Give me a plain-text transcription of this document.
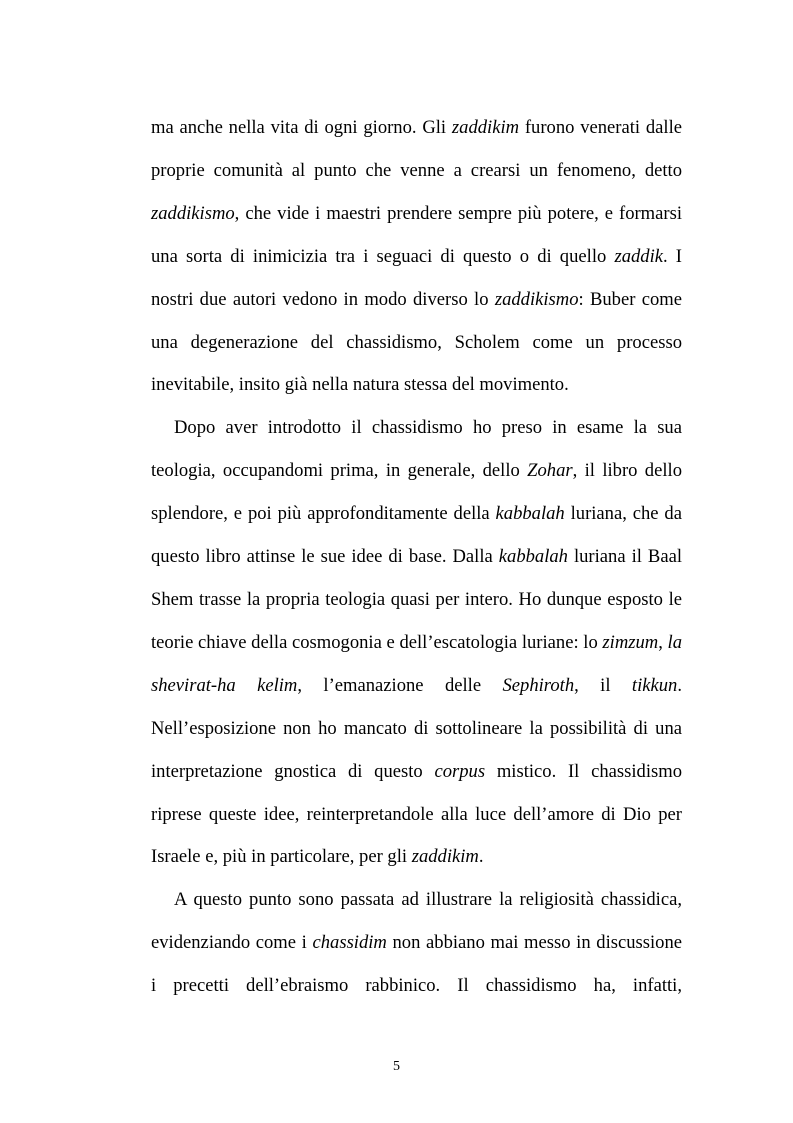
ma anche nella vita di ogni giorno. Gli zaddikim furono venerati dalle proprie comunità al punto che venne a crearsi un fenomeno, detto zaddikismo, che vide i maestri prendere sempre più potere, e formarsi una sorta di inimicizia tra i seguaci di questo o di quello zaddik. I nostri due autori vedono in modo diverso lo zaddikismo: Buber come una degenerazione del chassidismo, Scholem come un processo inevitabile, insito già nella natura stessa del movimento.

Dopo aver introdotto il chassidismo ho preso in esame la sua teologia, occupandomi prima, in generale, dello Zohar, il libro dello splendore, e poi più approfonditamente della kabbalah luriana, che da questo libro attinse le sue idee di base. Dalla kabbalah luriana il Baal Shem trasse la propria teologia quasi per intero. Ho dunque esposto le teorie chiave della cosmogonia e dell’escatologia luriane: lo zimzum, la shevirat-ha kelim, l’emanazione delle Sephiroth, il tikkun. Nell’esposizione non ho mancato di sottolineare la possibilità di una interpretazione gnostica di questo corpus mistico. Il chassidismo riprese queste idee, reinterpretandole alla luce dell’amore di Dio per Israele e, più in particolare, per gli zaddikim.

A questo punto sono passata ad illustrare la religiosità chassidica, evidenziando come i chassidim non abbiano mai messo in discussione i precetti dell’ebraismo rabbinico. Il chassidismo ha, infatti,

5
